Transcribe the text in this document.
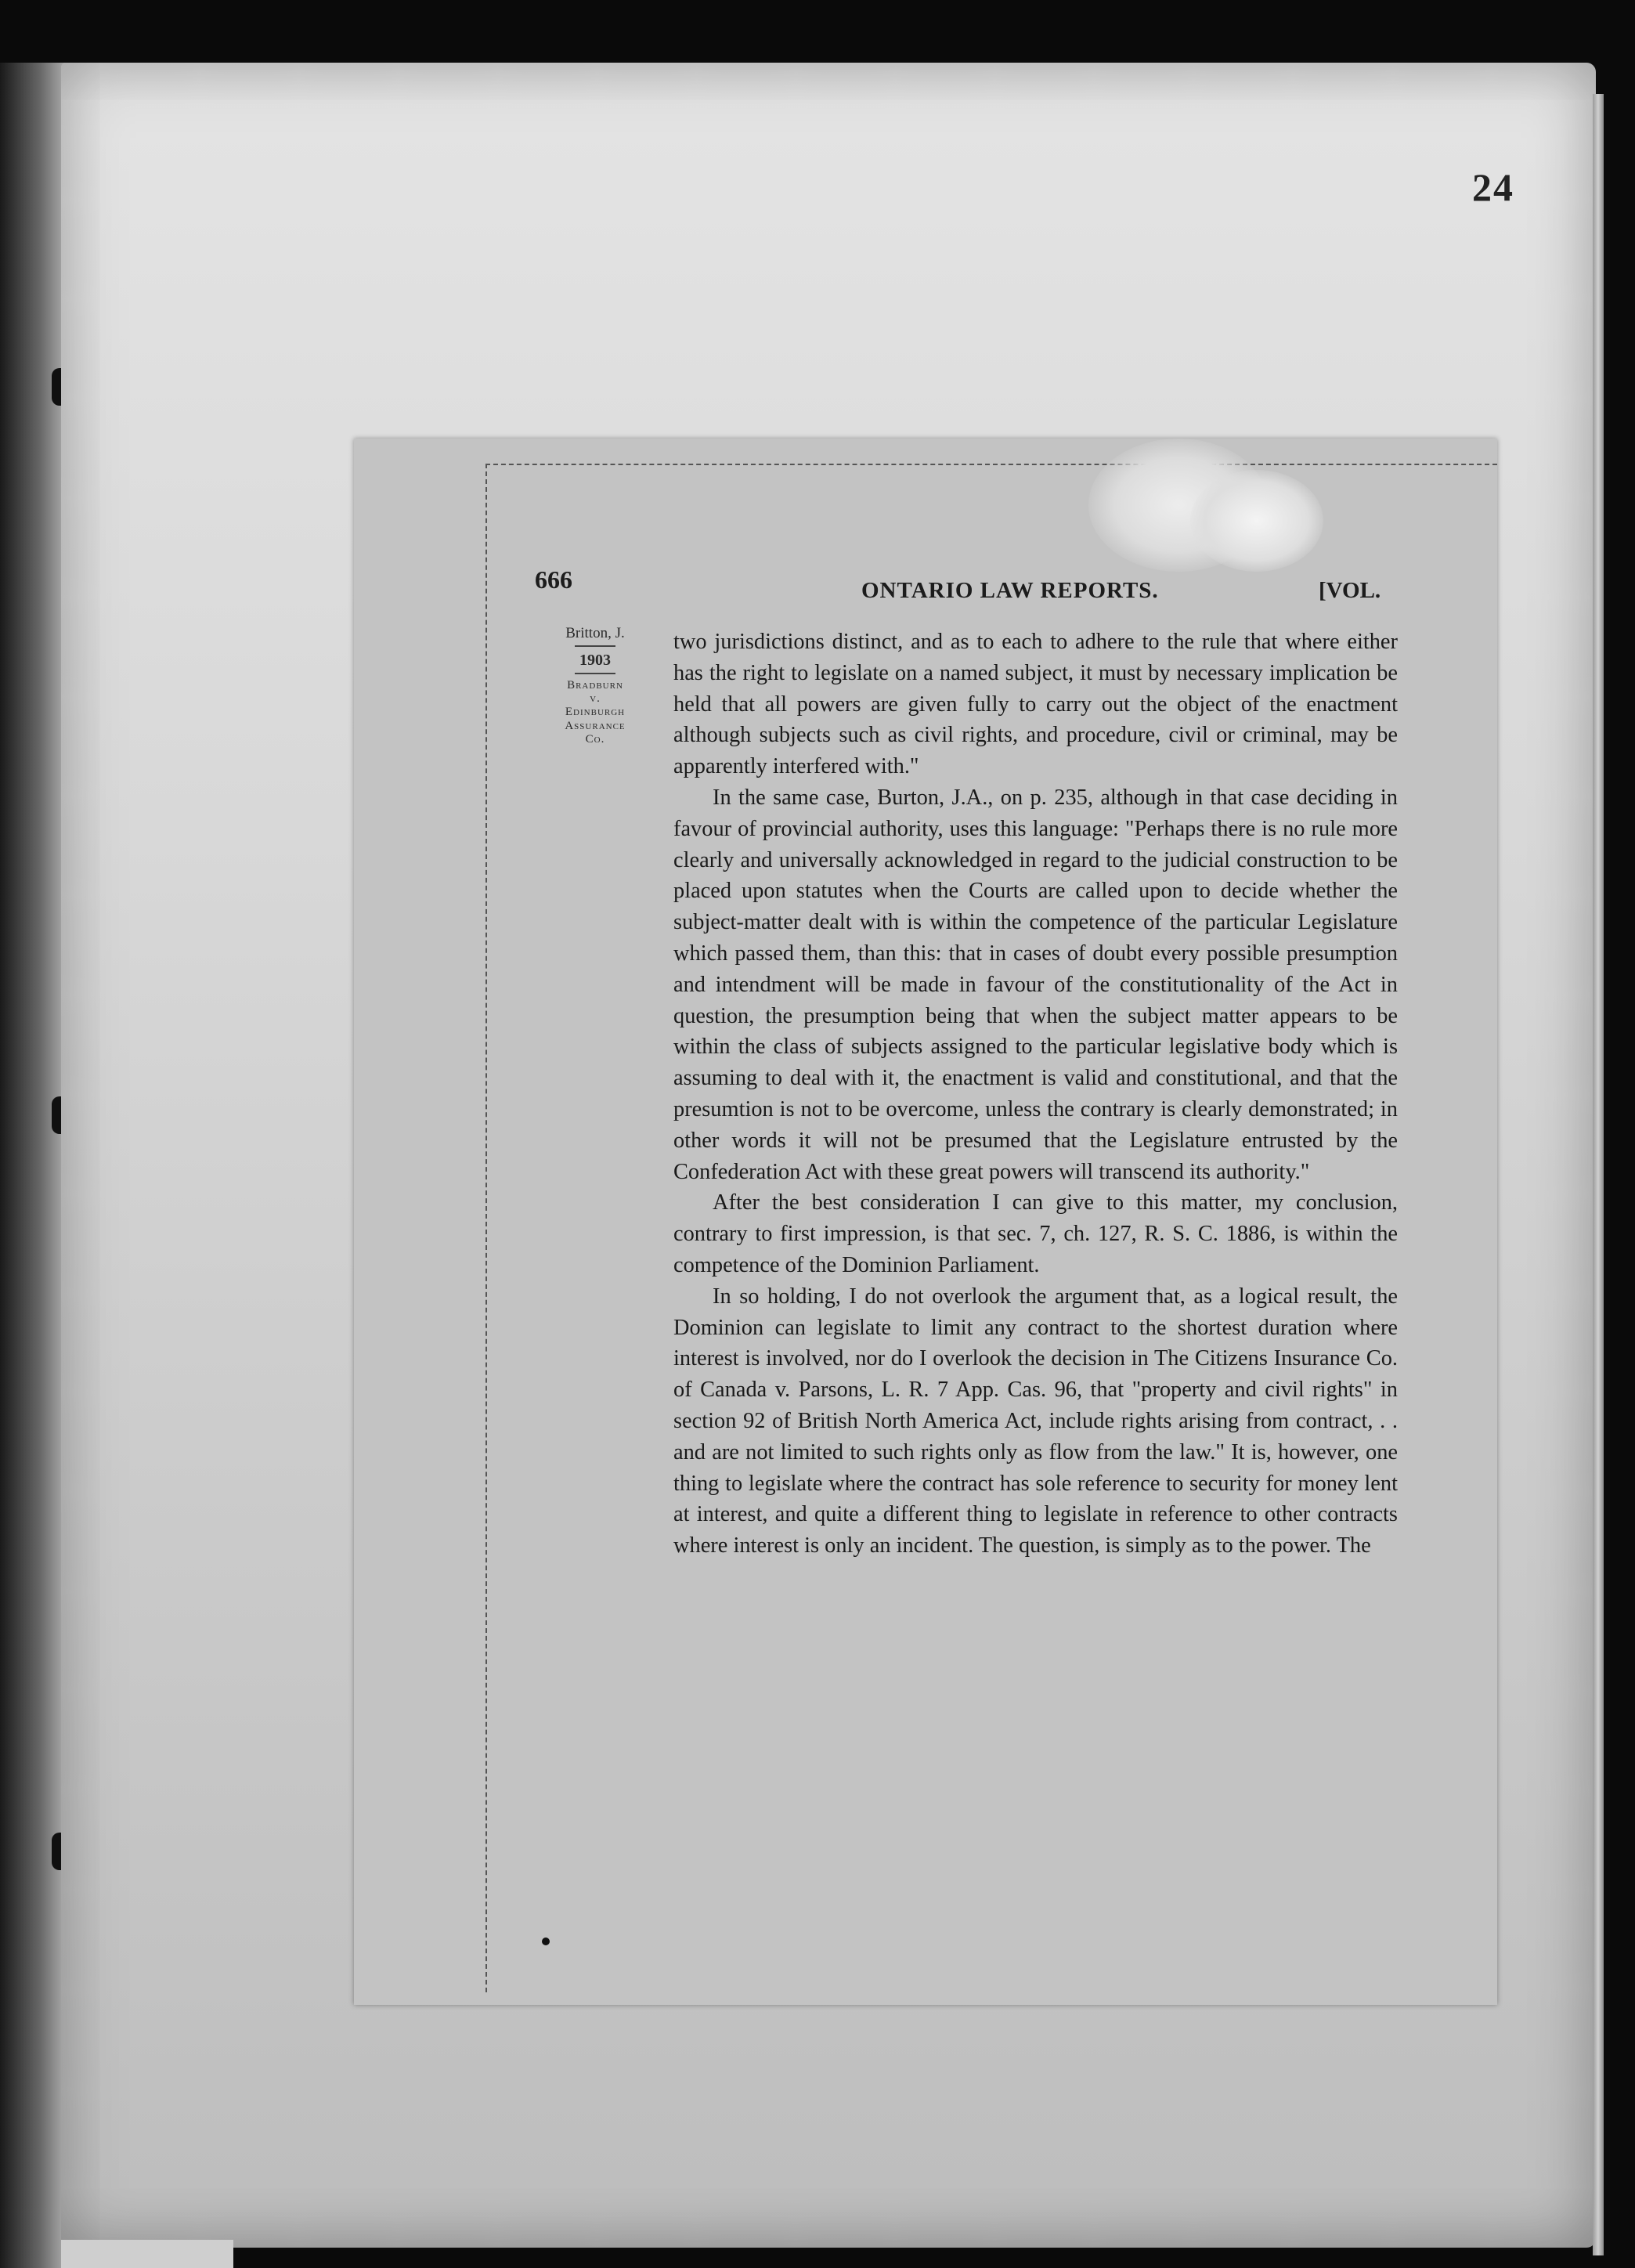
24
666	ONTARIO LAW REPORTS.	[VOL.
Britton, J.
1903
Bradburn
v.
Edinburgh
Assurance
Co.

two jurisdictions distinct, and as to each to adhere to the rule that where either has the right to legislate on a named subject, it must by necessary implication be held that all powers are given fully to carry out the object of the enactment although subjects such as civil rights, and procedure, civil or criminal, may be apparently interfered with."

In the same case, Burton, J.A., on p. 235, although in that case deciding in favour of provincial authority, uses this language: "Perhaps there is no rule more clearly and universally acknowledged in regard to the judicial construction to be placed upon statutes when the Courts are called upon to decide whether the subject-matter dealt with is within the competence of the particular Legislature which passed them, than this: that in cases of doubt every possible presumption and intendment will be made in favour of the constitutionality of the Act in question, the presumption being that when the subject matter appears to be within the class of subjects assigned to the particular legislative body which is assuming to deal with it, the enactment is valid and constitutional, and that the presumtion is not to be overcome, unless the contrary is clearly demonstrated; in other words it will not be presumed that the Legislature entrusted by the Confederation Act with these great powers will transcend its authority."

After the best consideration I can give to this matter, my conclusion, contrary to first impression, is that sec. 7, ch. 127, R. S. C. 1886, is within the competence of the Dominion Parliament.

In so holding, I do not overlook the argument that, as a logical result, the Dominion can legislate to limit any contract to the shortest duration where interest is involved, nor do I overlook the decision in The Citizens Insurance Co. of Canada v. Parsons, L. R. 7 App. Cas. 96, that "property and civil rights" in section 92 of British North America Act, include rights arising from contract, . . and are not limited to such rights only as flow from the law." It is, however, one thing to legislate where the contract has sole reference to security for money lent at interest, and quite a different thing to legislate in reference to other contracts where interest is only an incident. The question, is simply as to the power. The
